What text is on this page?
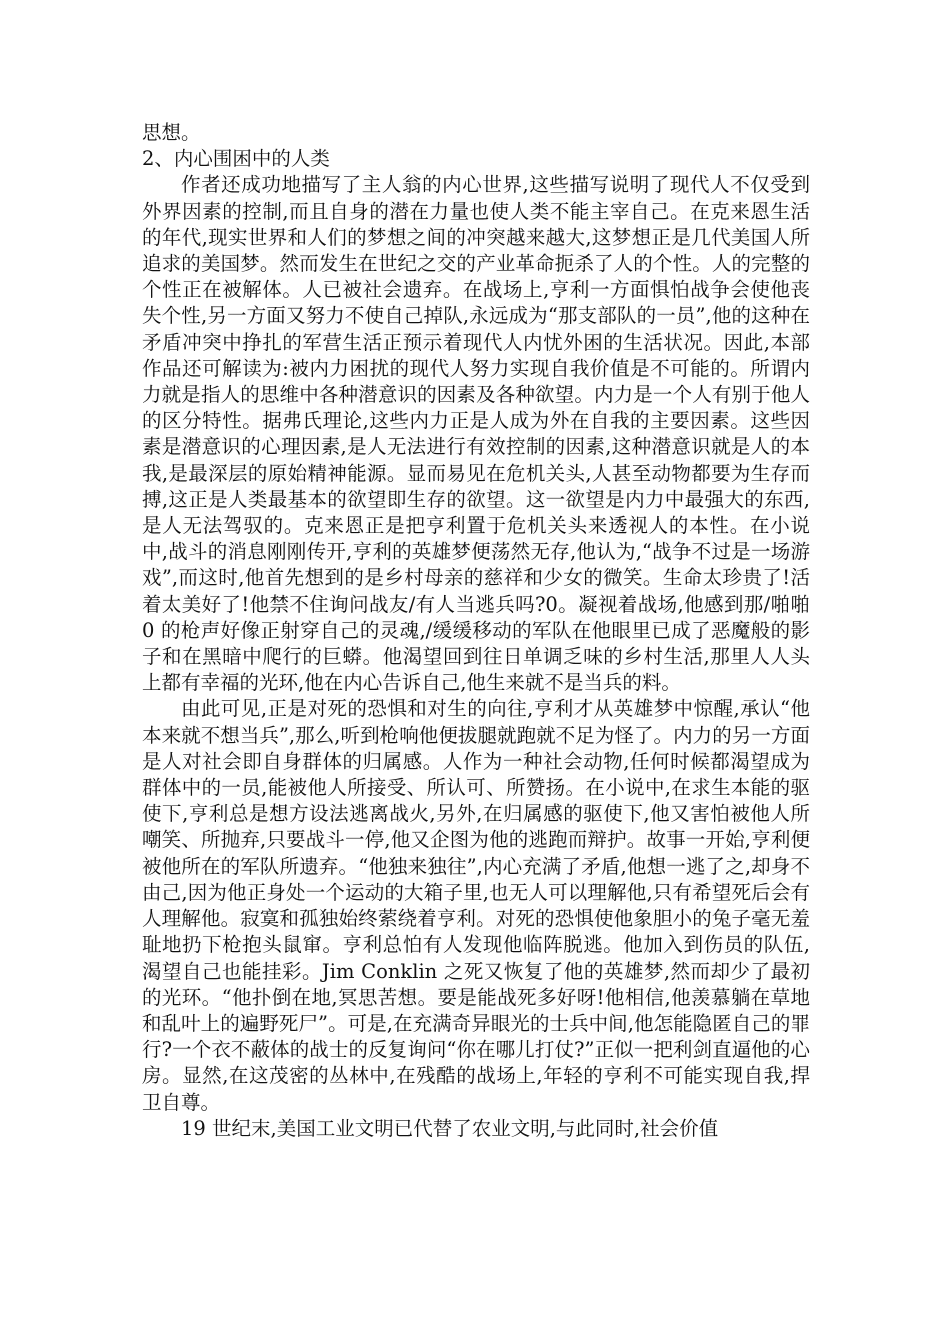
思想。

2、内心围困中的人类

作者还成功地描写了主人翁的内心世界,这些描写说明了现代人不仅受到外界因素的控制,而且自身的潜在力量也使人类不能主宰自己。在克来恩生活的年代,现实世界和人们的梦想之间的冲突越来越大,这梦想正是几代美国人所追求的美国梦。然而发生在世纪之交的产业革命扼杀了人的个性。人的完整的个性正在被解体。人已被社会遗弃。在战场上,亨利一方面惧怕战争会使他丧失个性,另一方面又努力不使自己掉队,永远成为“那支部队的一员”,他的这种在矛盾冲突中挣扎的军营生活正预示着现代人内忧外困的生活状况。因此,本部作品还可解读为:被内力困扰的现代人努力实现自我价值是不可能的。所谓内力就是指人的思维中各种潜意识的因素及各种欲望。内力是一个人有别于他人的区分特性。据弗氏理论,这些内力正是人成为外在自我的主要因素。这些因素是潜意识的心理因素,是人无法进行有效控制的因素,这种潜意识就是人的本我,是最深层的原始精神能源。显而易见在危机关头,人甚至动物都要为生存而搏,这正是人类最基本的欲望即生存的欲望。这一欲望是内力中最强大的东西,是人无法驾驭的。克来恩正是把亨利置于危机关头来透视人的本性。在小说中,战斗的消息刚刚传开,亨利的英雄梦便荡然无存,他认为,“战争不过是一场游戏”,而这时,他首先想到的是乡村母亲的慈祥和少女的微笑。生命太珍贵了!活着太美好了!他禁不住询问战友/有人当逃兵吗?0。凝视着战场,他感到那/啪啪 0 的枪声好像正射穿自己的灵魂,/缓缓移动的军队在他眼里已成了恶魔般的影子和在黑暗中爬行的巨蟒。他渴望回到往日单调乏味的乡村生活,那里人人头上都有幸福的光环,他在内心告诉自己,他生来就不是当兵的料。

由此可见,正是对死的恐惧和对生的向往,亨利才从英雄梦中惊醒,承认“他本来就不想当兵”,那么,听到枪响他便拔腿就跑就不足为怪了。内力的另一方面是人对社会即自身群体的归属感。人作为一种社会动物,任何时候都渴望成为群体中的一员,能被他人所接受、所认可、所赞扬。在小说中,在求生本能的驱使下,亨利总是想方设法逃离战火,另外,在归属感的驱使下,他又害怕被他人所嘲笑、所抛弃,只要战斗一停,他又企图为他的逃跑而辩护。故事一开始,亨利便被他所在的军队所遗弃。“他独来独往”,内心充满了矛盾,他想一逃了之,却身不由己,因为他正身处一个运动的大箱子里,也无人可以理解他,只有希望死后会有人理解他。寂寞和孤独始终萦绕着亨利。对死的恐惧使他象胆小的兔子毫无羞耻地扔下枪抱头鼠窜。亨利总怕有人发现他临阵脱逃。他加入到伤员的队伍,渴望自己也能挂彩。Jim Conklin 之死又恢复了他的英雄梦,然而却少了最初的光环。“他扑倒在地,冥思苦想。要是能战死多好呀!他相信,他羡慕躺在草地和乱叶上的遍野死尸”。可是,在充满奇异眼光的士兵中间,他怎能隐匿自己的罪行?一个衣不蔽体的战士的反复询问“你在哪儿打仗?”正似一把利剑直逼他的心房。显然,在这茂密的丛林中,在残酷的战场上,年轻的亨利不可能实现自我,捍卫自尊。

19 世纪末,美国工业文明已代替了农业文明,与此同时,社会价值
